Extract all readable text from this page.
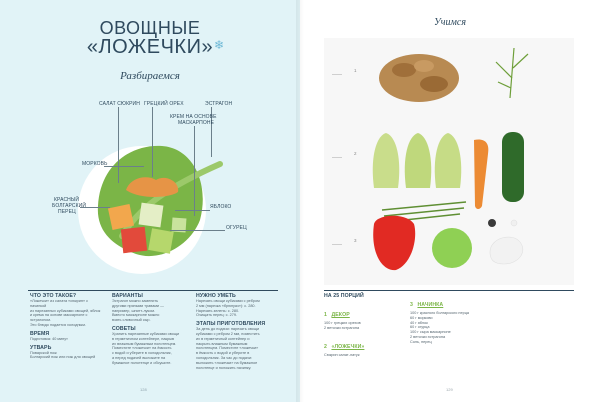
ОВОЩНЫЕ
«ЛОЖЕЧКИ» ❄
Разбираемся
САЛАТ СЮКРИН ГРЕЦКИЙ ОРЕХ	ЭСТРАГОН
КРЕМ НА ОСНОВЕ
МАСКАРПОНЕ
МОРКОВЬ
КРАСНЫЙ
БОЛГАРСКИЙ
ПЕРЕЦ
ЯБЛОКО
ОГУРЕЦ
ЧТО ЭТО ТАКОЕ?
«Ложечки» из салата «сюкрин» с начинкой
из нарезанных кубиками овощей, яблок
и крема на основе маскарпоне с эстрагоном.
Это блюдо подается холодным.
ВРЕМЯ
Подготовка: 40 минут
УТВАРЬ
Поварской нож
Болгарский нож или нож для овощей
ВАРИАНТЫ
Эстрагон можно заменить
другими пряными травами —
например, шнитт-луком.
Вместо маскарпоне можно
взять сливочный сыр.
СОВЕТЫ
Хранить нарезанные кубиками овощи
в герметичном контейнере, накрыв
их влажным бумажным полотенцем.
Поместите «ложечки» на ёмкость
с водой и уберите в холодильник,
а перед подачей выложите на
бумажное полотенце и обсушите.
НУЖНО УМЕТЬ
Нарезать овощи кубиками с ребром
2 мм (нарезка «брюнуаз»): с. 280.
Нарезать зелень: с. 280.
Очищать перец: с. 279.
ЭТАПЫ ПРИГОТОВЛЕНИЯ
За день до подачи: нарезать овощи
кубиками с ребром 2 мм, поместить
их в герметичный контейнер и
накрыть влажным бумажным
полотенцем. Поместите «ложечки»
в ёмкость с водой и уберите в
холодильник. За час до подачи:
выложить «ложечки» на бумажное
полотенце и положить начинку.
128
Учимся
1
2
3
НА 25 ПОРЦИЙ
1 ДЕКОР
100 г грецких орехов
2 веточки эстрагона
2 «ЛОЖЕЧКИ»
Сюкрин салат-латук
3 НАЧИНКА
100 г красного болгарского перца
60 г моркови
40 г яблок
60 г огурца
100 г сыра маскарпоне
2 веточки эстрагона
Соль, перец
129
